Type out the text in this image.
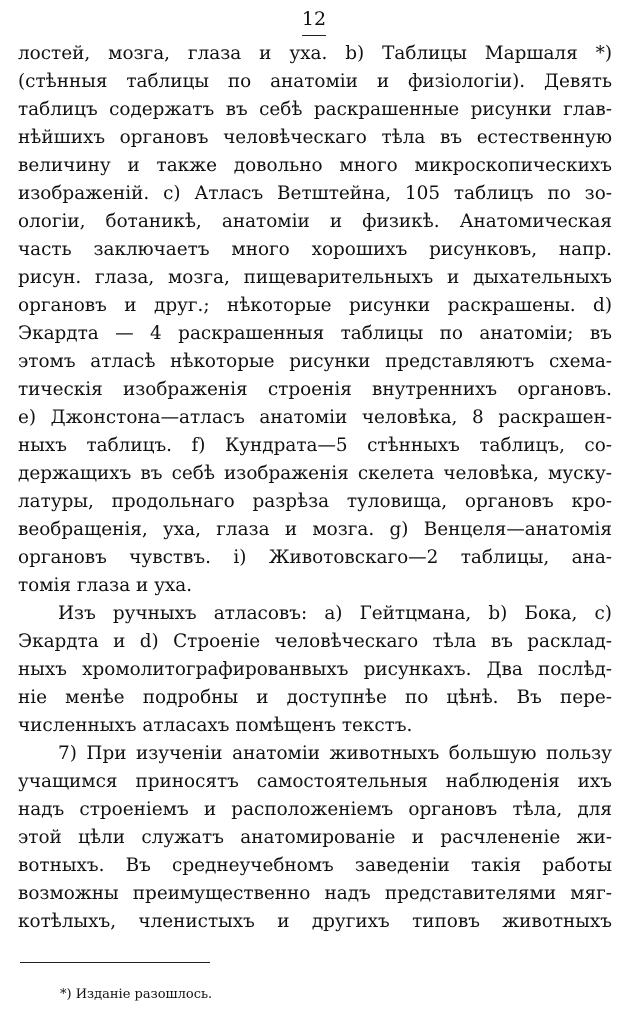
12
лостей, мозга, глаза и уха. b) Таблицы Маршаля *)
(стѣнныя таблицы по анатоміи и физіологіи). Девять
таблицъ содержатъ въ себѣ раскрашенные рисунки глав-
нѣйшихъ органовъ человѣческаго тѣла въ естественную
величину и также довольно много микроскопическихъ
изображеній. c) Атласъ Ветштейна, 105 таблицъ по зо-
ологіи, ботаникѣ, анатоміи и физикѣ. Анатомическая
часть заключаетъ много хорошихъ рисунковъ, напр.
рисун. глаза, мозга, пищеварительныхъ и дыхательныхъ
органовъ и друг.; нѣкоторые рисунки раскрашены. d)
Экардта — 4 раскрашенныя таблицы по анатоміи; въ
этомъ атласѣ нѣкоторые рисунки представляютъ схема-
тическія изображенія строенія внутреннихъ органовъ.
e) Джонстона—атласъ анатоміи человѣка, 8 раскрашен-
ныхъ таблицъ. f) Кундрата—5 стѣнныхъ таблицъ, со-
держащихъ въ себѣ изображенія скелета человѣка, муску-
латуры, продольнаго разрѣза туловища, органовъ кро-
веобращенія, уха, глаза и мозга. g) Венцеля—анатомія
органовъ чувствъ. i) Животовскаго—2 таблицы, ана-
томія глаза и уха.
Изъ ручныхъ атласовъ: a) Гейтцмана, b) Бока, c)
Экардта и d) Строеніе человѣческаго тѣла въ расклад-
ныхъ хромолитографированвыхъ рисункахъ. Два послѣд-
ніе менѣе подробны и доступнѣе по цѣнѣ. Въ пере-
численныхъ атласахъ помѣщенъ текстъ.
7) При изученіи анатоміи животныхъ большую пользу
учащимся приносятъ самостоятельныя наблюденія ихъ
надъ строеніемъ и расположеніемъ органовъ тѣла, для
этой цѣли служатъ анатомированіе и расчлененіе жи-
вотныхъ. Въ среднеучебномъ заведеніи такія работы
возможны преимущественно надъ представителями мяг-
котѣлыхъ, членистыхъ и другихъ типовъ животныхъ
*) Изданіе разошлось.
